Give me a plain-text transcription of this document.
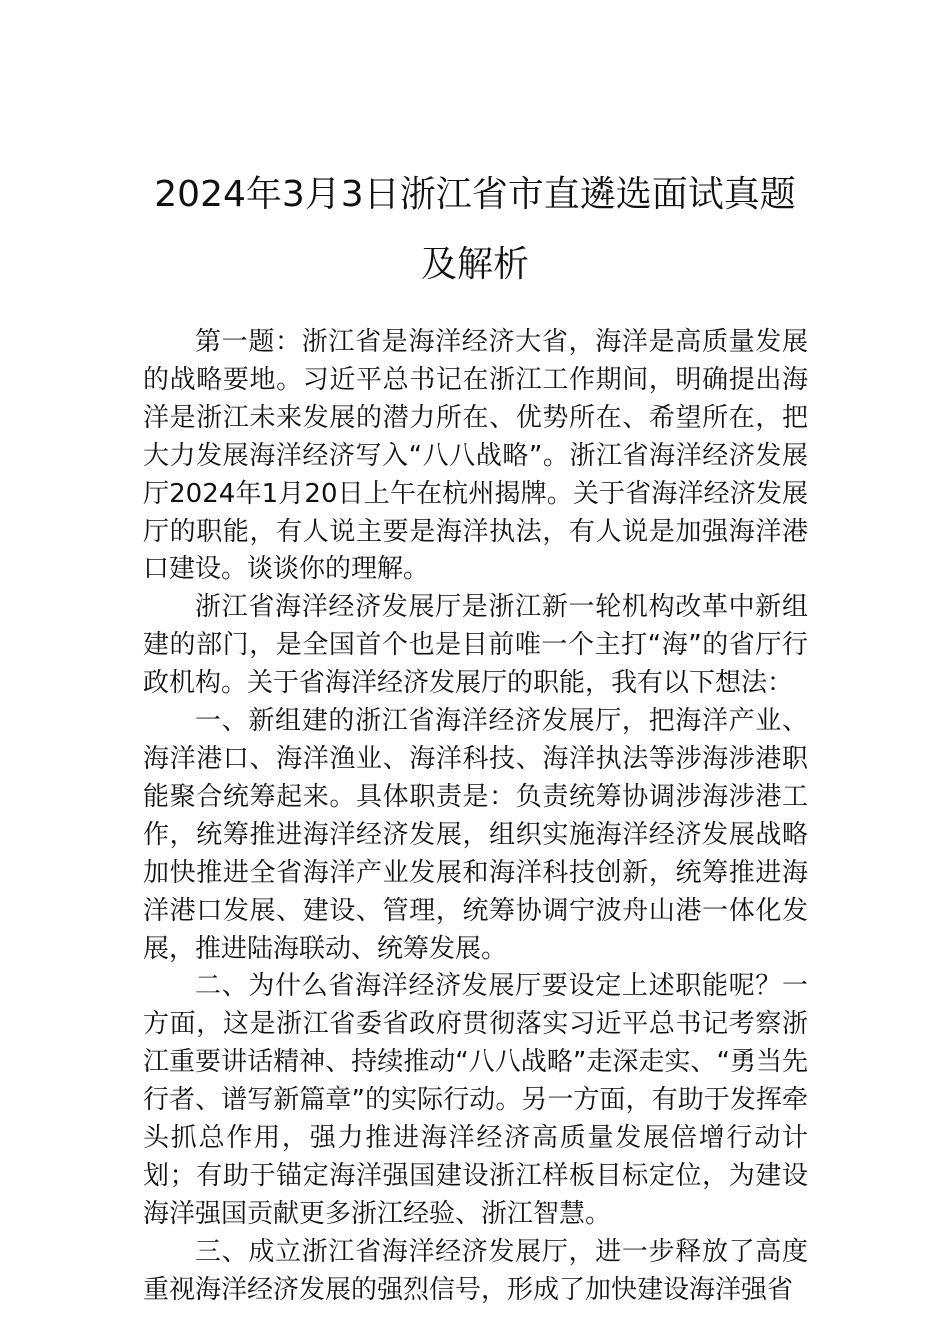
2024年3月3日浙江省市直遴选面试真题
及解析

第一题：浙江省是海洋经济大省，海洋是高质量发展的战略要地。习近平总书记在浙江工作期间，明确提出海洋是浙江未来发展的潜力所在、优势所在、希望所在，把大力发展海洋经济写入“八八战略”。浙江省海洋经济发展厅2024年1月20日上午在杭州揭牌。关于省海洋经济发展厅的职能，有人说主要是海洋执法，有人说是加强海洋港口建设。谈谈你的理解。

浙江省海洋经济发展厅是浙江新一轮机构改革中新组建的部门，是全国首个也是目前唯一个主打“海”的省厅行政机构。关于省海洋经济发展厅的职能，我有以下想法：

一、新组建的浙江省海洋经济发展厅，把海洋产业、海洋港口、海洋渔业、海洋科技、海洋执法等涉海涉港职能聚合统筹起来。具体职责是：负责统筹协调涉海涉港工作，统筹推进海洋经济发展，组织实施海洋经济发展战略加快推进全省海洋产业发展和海洋科技创新，统筹推进海洋港口发展、建设、管理，统筹协调宁波舟山港一体化发展，推进陆海联动、统筹发展。

二、为什么省海洋经济发展厅要设定上述职能呢？一方面，这是浙江省委省政府贯彻落实习近平总书记考察浙江重要讲话精神、持续推动“八八战略”走深走实、“勇当先行者、谱写新篇章”的实际行动。另一方面，有助于发挥牵头抓总作用，强力推进海洋经济高质量发展倍增行动计划；有助于锚定海洋强国建设浙江样板目标定位，为建设海洋强国贡献更多浙江经验、浙江智慧。

三、成立浙江省海洋经济发展厅，进一步释放了高度重视海洋经济发展的强烈信号，形成了加快建设海洋强省
